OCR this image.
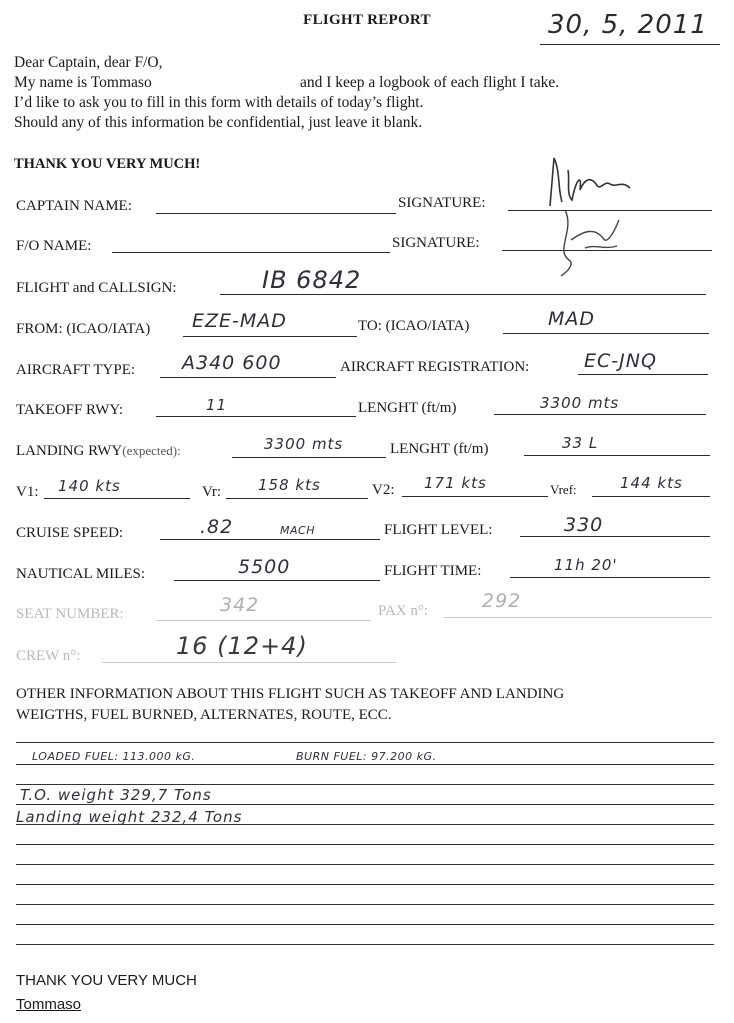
FLIGHT REPORT	30, 5, 2011
Dear Captain, dear F/O,
My name is Tommaso	and I keep a logbook of each flight I take.
I’d like to ask you to fill in this form with details of today’s flight.
Should any of this information be confidential, just leave it blank.
THANK YOU VERY MUCH!
CAPTAIN NAME:	SIGNATURE:
F/O NAME:	SIGNATURE:
FLIGHT and CALLSIGN:	IB 6842
FROM: (ICAO/IATA) EZE-MAD	TO: (ICAO/IATA)	MAD
AIRCRAFT TYPE: A340 600	AIRCRAFT REGISTRATION:	EC-JNQ
TAKEOFF RWY:	11	LENGHT (ft/m)	3300 mts
LANDING RWY(expected):	3300 mts	LENGHT (ft/m)	33 L
V1: 140 kts	Vr: 158 kts	V2: 171 kts	Vref:	144 kts
CRUISE SPEED:	.82	MACH	FLIGHT LEVEL:	330
NAUTICAL MILES:	5500	FLIGHT TIME:	11h 20'
SEAT NUMBER:	342	PAX n°:	292
CREW n°:	16 (12+4)
OTHER INFORMATION ABOUT THIS FLIGHT SUCH AS TAKEOFF AND LANDING
WEIGTHS, FUEL BURNED, ALTERNATES, ROUTE, ECC.
LOADED FUEL: 113.000 kG.	BURN FUEL: 97.200 kG.
T.O. weight 329,7 Tons
Landing weight 232,4 Tons
THANK YOU VERY MUCH
Tommaso
